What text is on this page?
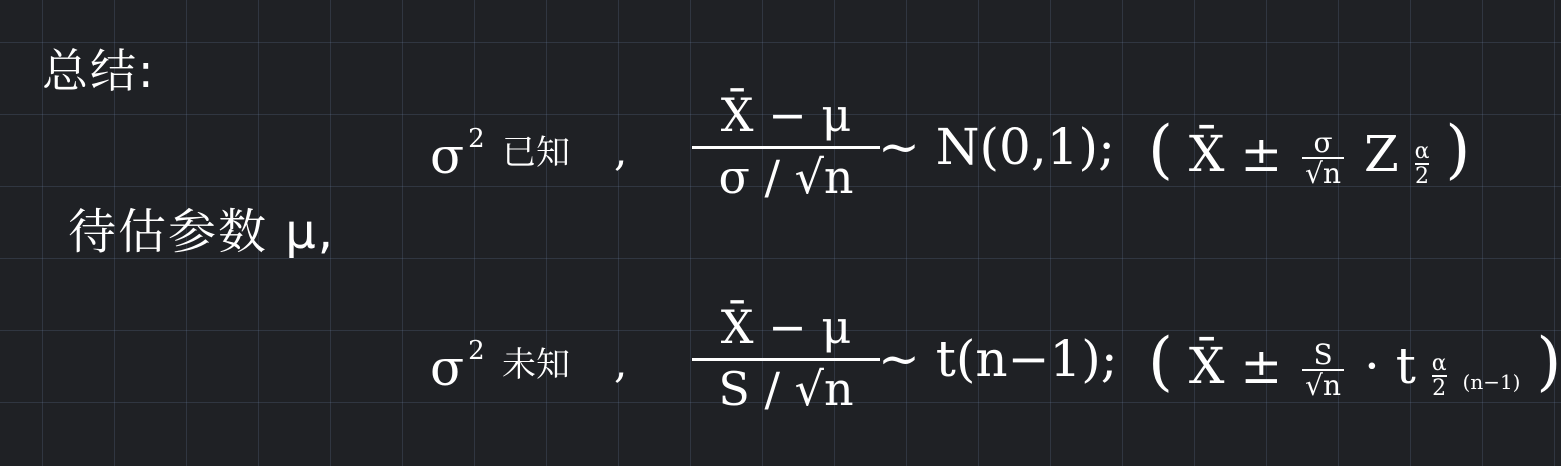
总结:
待估参数 μ,
σ $^2$ 已知 ,
X̄ − μ
σ / √n
~ N(0,1); ( X̄ ± $\frac{\sigma}{√n}$ Z $\frac{\alpha}{2}$ )
σ $^2$ 未知 ,
X̄ − μ
S / √n
~ t(n−1); ( X̄ ± $\frac{S}{√n} \cdot t \frac{\alpha}{2} (n-1)$ )
